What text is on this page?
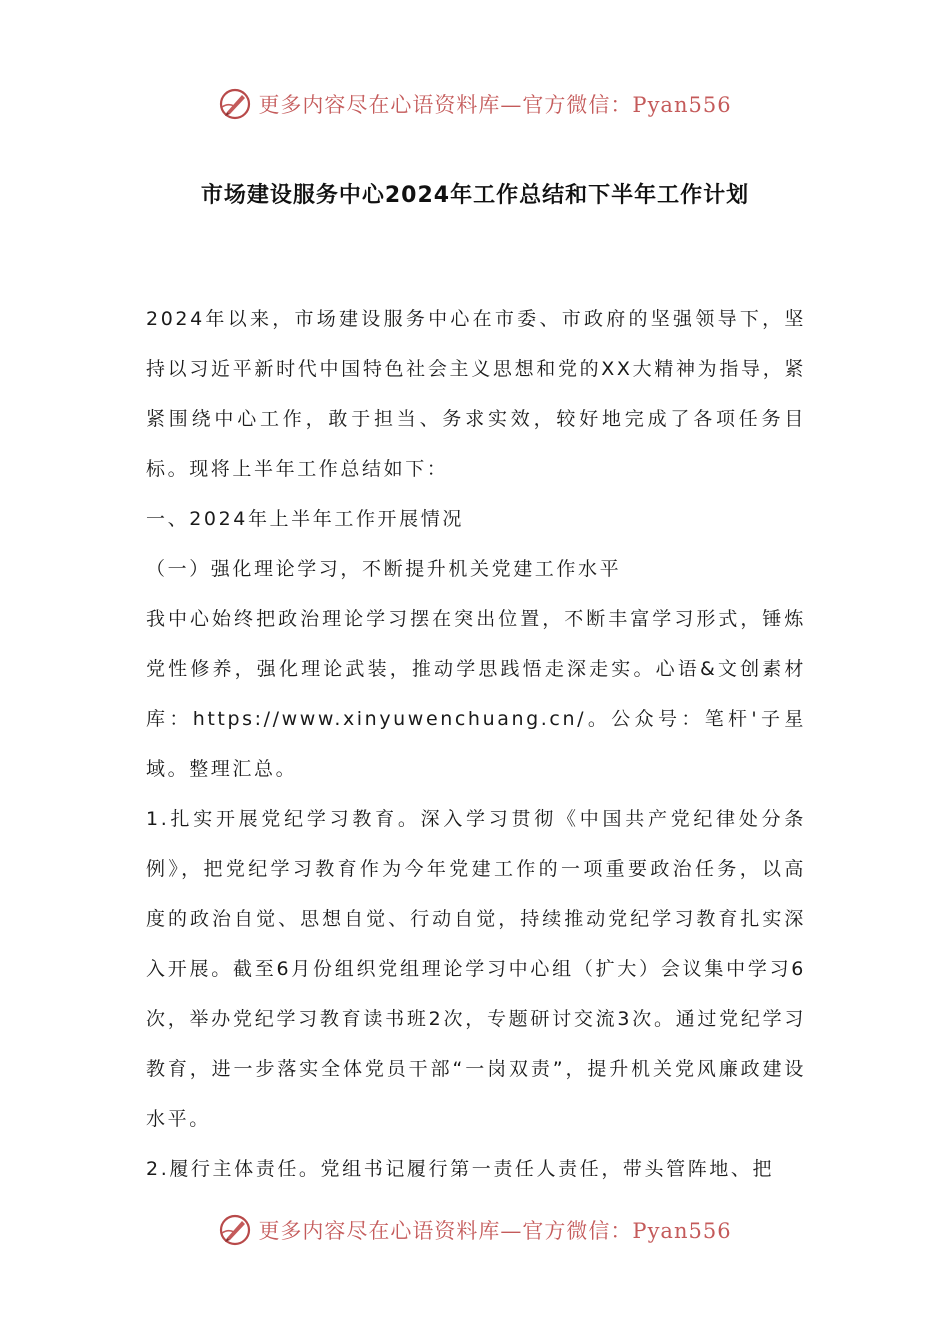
更多内容尽在心语资料库—官方微信：Pyan556
市场建设服务中心2024年工作总结和下半年工作计划

2024年以来，市场建设服务中心在市委、市政府的坚强领导下，坚持以习近平新时代中国特色社会主义思想和党的XX大精神为指导，紧紧围绕中心工作，敢于担当、务求实效，较好地完成了各项任务目标。现将上半年工作总结如下：

一、2024年上半年工作开展情况

（一）强化理论学习，不断提升机关党建工作水平

我中心始终把政治理论学习摆在突出位置，不断丰富学习形式，锤炼党性修养，强化理论武装，推动学思践悟走深走实。心语&文创素材库：https://www.xinyuwenchuang.cn/。公众号：笔杆'子星域。整理汇总。

1.扎实开展党纪学习教育。深入学习贯彻《中国共产党纪律处分条例》，把党纪学习教育作为今年党建工作的一项重要政治任务，以高度的政治自觉、思想自觉、行动自觉，持续推动党纪学习教育扎实深入开展。截至6月份组织党组理论学习中心组（扩大）会议集中学习6次，举办党纪学习教育读书班2次，专题研讨交流3次。通过党纪学习教育，进一步落实全体党员干部“一岗双责”，提升机关党风廉政建设水平。

2.履行主体责任。党组书记履行第一责任人责任，带头管阵地、把

更多内容尽在心语资料库—官方微信：Pyan556
